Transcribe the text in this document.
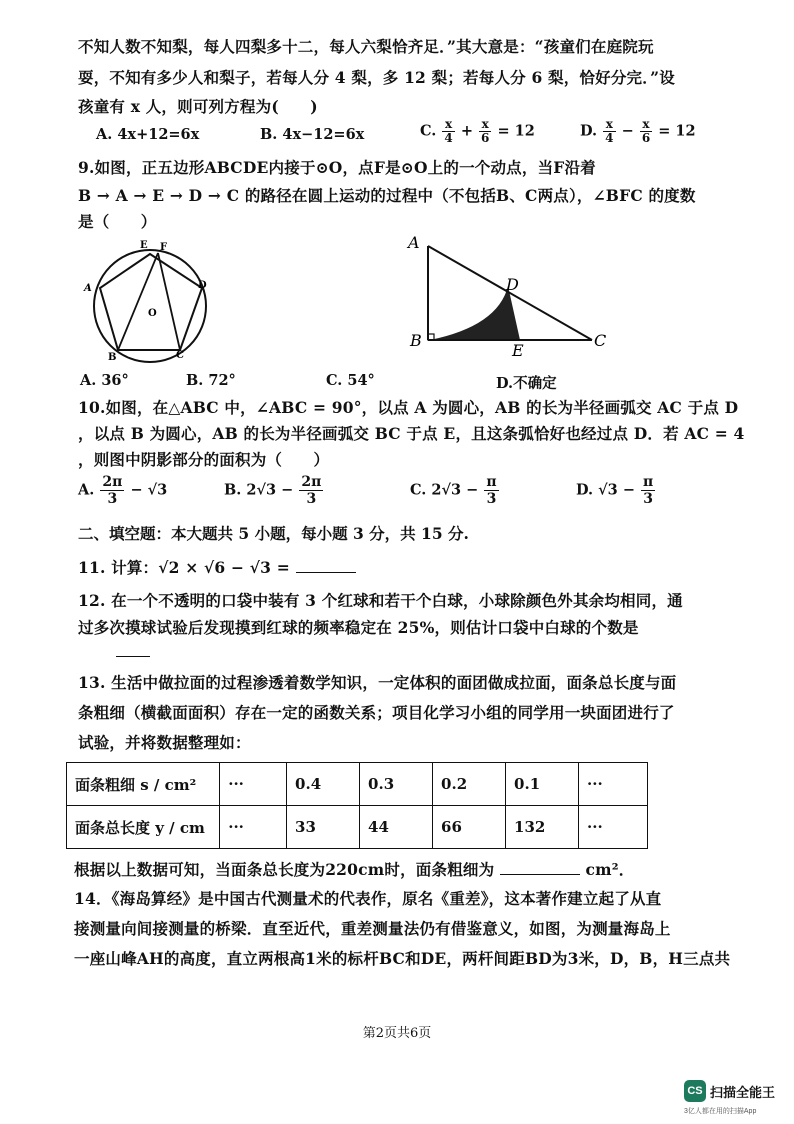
不知人数不知梨，每人四梨多十二，每人六梨恰齐足．”其大意是：“孩童们在庭院玩
耍，不知有多少人和梨子，若每人分 4 梨，多 12 梨；若每人分 6 梨，恰好分完．”设
孩童有 x 人，则可列方程为(　　)
A. 4x+12=6x	B. 4x−12=6x	C. $\frac{x}{4} + \frac{x}{6} = 12$	D. $\frac{x}{4} - \frac{x}{6} = 12$
9.如图，正五边形ABCDE内接于⊙O，点F是⊙O上的一个动点，当F沿着
B → A → E → D → C 的路径在圆上运动的过程中（不包括B、C两点），∠BFC 的度数
是（　　）
E F
A	D
O
B	C
A
D
B
E
C
A. 36°	B. 72°	C. 54°	D.不确定
10.如图，在△ABC 中，∠ABC = 90°，以点 A 为圆心，AB 的长为半径画弧交 AC 于点 D
，以点 B 为圆心，AB 的长为半径画弧交 BC 于点 E，且这条弧恰好也经过点 D．若 AC = 4
，则图中阴影部分的面积为（　　）
A. $\frac{2\pi}{3} - √3$	B. $2√3 - \frac{2\pi}{3}$	C. $2√3 - \frac{\pi}{3}$	D. $√3 - \frac{\pi}{3}$
二、填空题：本大题共 5 小题，每小题 3 分，共 15 分.
11. 计算：√2 × √6 − √3 =
12. 在一个不透明的口袋中装有 3 个红球和若干个白球，小球除颜色外其余均相同，通
过多次摸球试验后发现摸到红球的频率稳定在 25%，则估计口袋中白球的个数是
13. 生活中做拉面的过程渗透着数学知识，一定体积的面团做成拉面，面条总长度与面
条粗细（横截面面积）存在一定的函数关系；项目化学习小组的同学用一块面团进行了
试验，并将数据整理如：
面条粗细 s / cm²	···	0.4	0.3	0.2	0.1	···
面条总长度 y / cm	···	33	44	66	132	···
根据以上数据可知，当面条总长度为220cm时，面条粗细为	cm²．
14．《海岛算经》是中国古代测量术的代表作，原名《重差》，这本著作建立起了从直
接测量向间接测量的桥梁．直至近代，重差测量法仍有借鉴意义，如图，为测量海岛上
一座山峰AH的高度，直立两根高1米的标杆BC和DE，两杆间距BD为3米，D，B，H三点共
第2页共6页
CS 扫描全能王
3亿人都在用的扫描App
